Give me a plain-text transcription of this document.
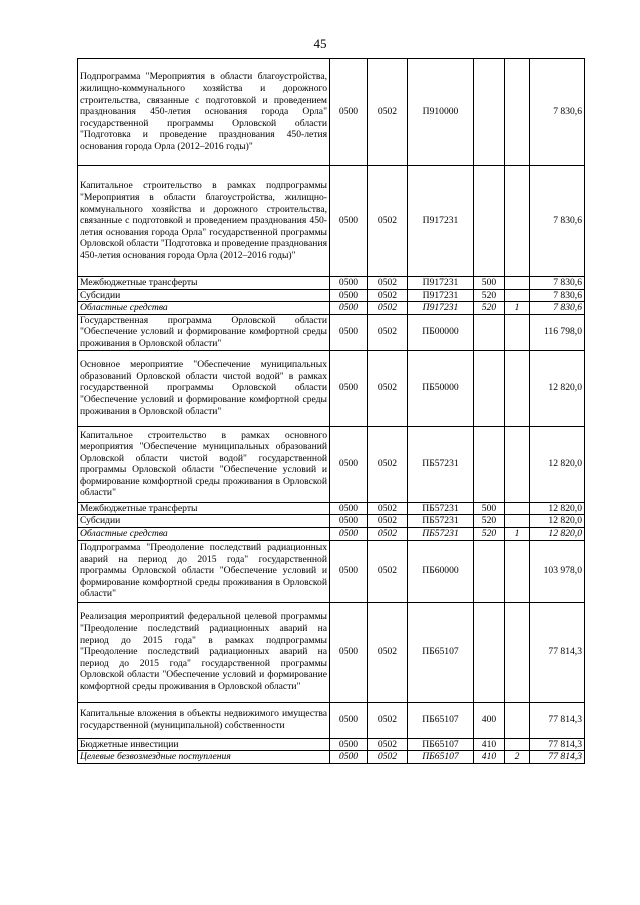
45
Подпрограмма "Мероприятия в области благоустройства, жилищно-коммунального хозяйства и дорожного строительства, связанные с подготовкой и проведением празднования 450-летия основания города Орла" государственной программы Орловской области "Подготовка и проведение празднования 450-летия основания города Орла (2012–2016 годы)"	0500	0502	П910000			7 830,6
Капитальное строительство в рамках подпрограммы "Мероприятия в области благоустройства, жилищно-коммунального хозяйства и дорожного строительства, связанные с подготовкой и проведением празднования 450-летия основания города Орла" государственной программы Орловской области "Подготовка и проведение празднования 450-летия основания города Орла (2012–2016 годы)"	0500	0502	П917231			7 830,6
Межбюджетные трансферты	0500	0502	П917231	500		7 830,6
Субсидии	0500	0502	П917231	520		7 830,6
Областные средства	0500	0502	П917231	520	1	7 830,6
Государственная программа Орловской области "Обеспечение условий и формирование комфортной среды проживания в Орловской области"	0500	0502	ПБ00000			116 798,0
Основное мероприятие "Обеспечение муниципальных образований Орловской области чистой водой" в рамках государственной программы Орловской области "Обеспечение условий и формирование комфортной среды проживания в Орловской области"	0500	0502	ПБ50000			12 820,0
Капитальное строительство в рамках основного мероприятия "Обеспечение муниципальных образований Орловской области чистой водой" государственной программы Орловской области "Обеспечение условий и формирование комфортной среды проживания в Орловской области"	0500	0502	ПБ57231			12 820,0
Межбюджетные трансферты	0500	0502	ПБ57231	500		12 820,0
Субсидии	0500	0502	ПБ57231	520		12 820,0
Областные средства	0500	0502	ПБ57231	520	1	12 820,0
Подпрограмма "Преодоление последствий радиационных аварий на период до 2015 года" государственной программы Орловской области "Обеспечение условий и формирование комфортной среды проживания в Орловской области"	0500	0502	ПБ60000			103 978,0
Реализация мероприятий федеральной целевой программы "Преодоление последствий радиационных аварий на период до 2015 года" в рамках подпрограммы "Преодоление последствий радиационных аварий на период до 2015 года" государственной программы Орловской области "Обеспечение условий и формирование комфортной среды проживания в Орловской области"	0500	0502	ПБ65107			77 814,3
Капитальные вложения в объекты недвижимого имущества государственной (муниципальной) собственности	0500	0502	ПБ65107	400		77 814,3
Бюджетные инвестиции	0500	0502	ПБ65107	410		77 814,3
Целевые безвозмездные поступления	0500	0502	ПБ65107	410	2	77 814,3
